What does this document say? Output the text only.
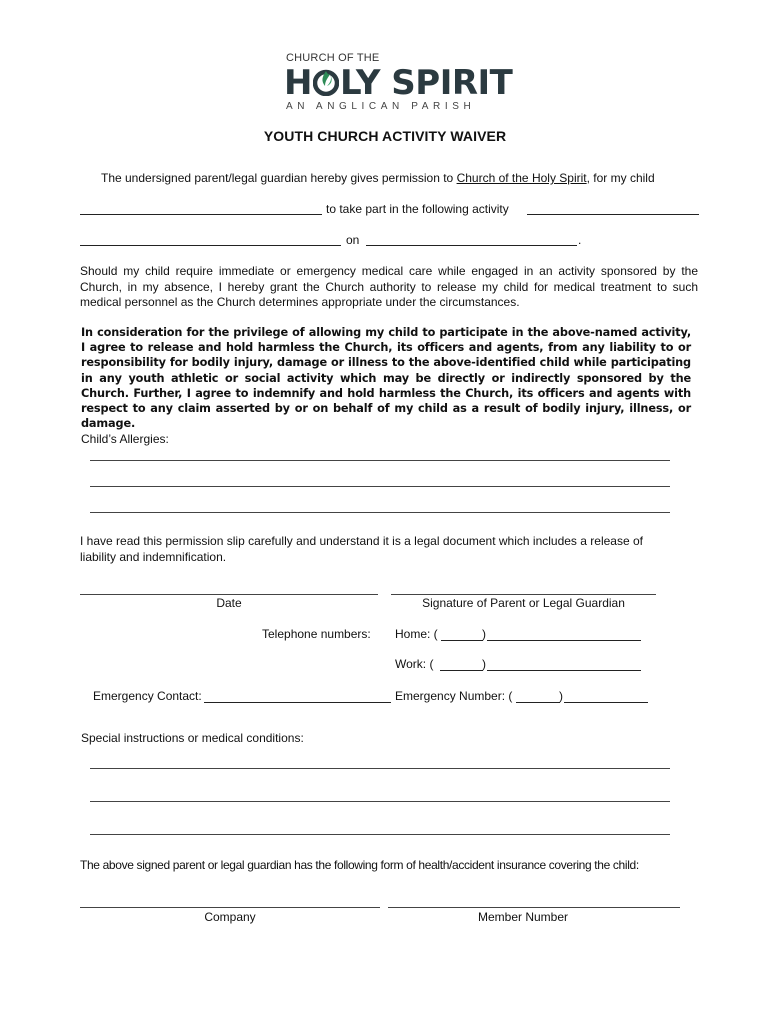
CHURCH OF THE
H LY SPIRIT
AN ANGLICAN PARISH
YOUTH CHURCH ACTIVITY WAIVER
The undersigned parent/legal guardian hereby gives permission to Church of the Holy Spirit, for my child
to take part in the following activity
on	.
Should my child require immediate or emergency medical care while engaged in an activity sponsored by the Church, in my absence, I hereby grant the Church authority to release my child for medical treatment to such medical personnel as the Church determines appropriate under the circumstances.
In consideration for the privilege of allowing my child to participate in the above-named activity, I agree to release and hold harmless the Church, its officers and agents, from any liability to or responsibility for bodily injury, damage or illness to the above-identified child while participating in any youth athletic or social activity which may be directly or indirectly sponsored by the Church. Further, I agree to indemnify and hold harmless the Church, its officers and agents with respect to any claim asserted by or on behalf of my child as a result of bodily injury, illness, or damage.
Child’s Allergies:
I have read this permission slip carefully and understand it is a legal document which includes a release of liability and indemnification.
Date	Signature of Parent or Legal Guardian
Telephone numbers: Home: (	)
Work: (	)
Emergency Contact:	Emergency Number: (	)
Special instructions or medical conditions:
The above signed parent or legal guardian has the following form of health/accident insurance covering the child:
Company	Member Number
